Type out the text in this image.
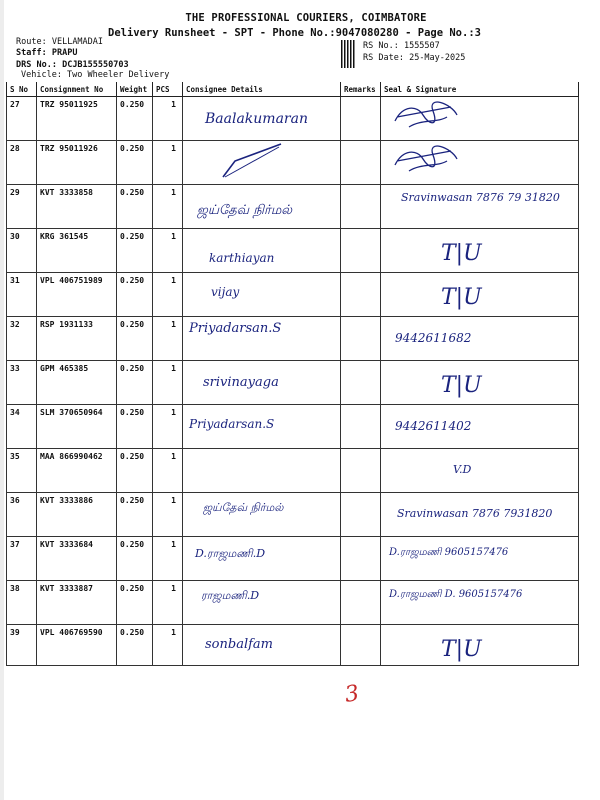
THE PROFESSIONAL COURIERS, COIMBATORE
Delivery Runsheet - SPT - Phone No.:9047080280 - Page No.:3
Route: VELLAMADAI
Staff: PRAPU
DRS No.: DCJB155550703
Vehicle: Two Wheeler Delivery
RS No.: 1555507
RS Date: 25-May-2025
S No	Consignment No	Weight	PCS	Consignee Details	Remarks	Seal & Signature
27	TRZ 95011925	0.250	1	Baalakumaran

28	TRZ 95011926	0.250	1	

29	KVT 3333858	0.250	1	ஜய்தேவ் நிர்மல்		Sravinwasan 7876 79 31820

30	KRG 361545	0.250	1	karthiayan		T|U

31	VPL 406751989	0.250	1	vijay		T|U

32	RSP 1931133	0.250	1	Priyadarsan.S		9442611682

33	GPM 465385	0.250	1	srivinayaga		T|U

34	SLM 370650964	0.250	1	Priyadarsan.S		9442611402

35	MAA 866990462	0.250	1			V.D

36	KVT 3333886	0.250	1	ஜய்தேவ் நிர்மல்		Sravinwasan 7876 7931820

37	KVT 3333684	0.250	1	D.ராஜமணி.D		D.ராஜமணி 9605157476

38	KVT 3333887	0.250	1	ராஜமணி.D		D.ராஜமணி D. 9605157476

39	VPL 406769590	0.250	1	sonbalfam		T|U
3
